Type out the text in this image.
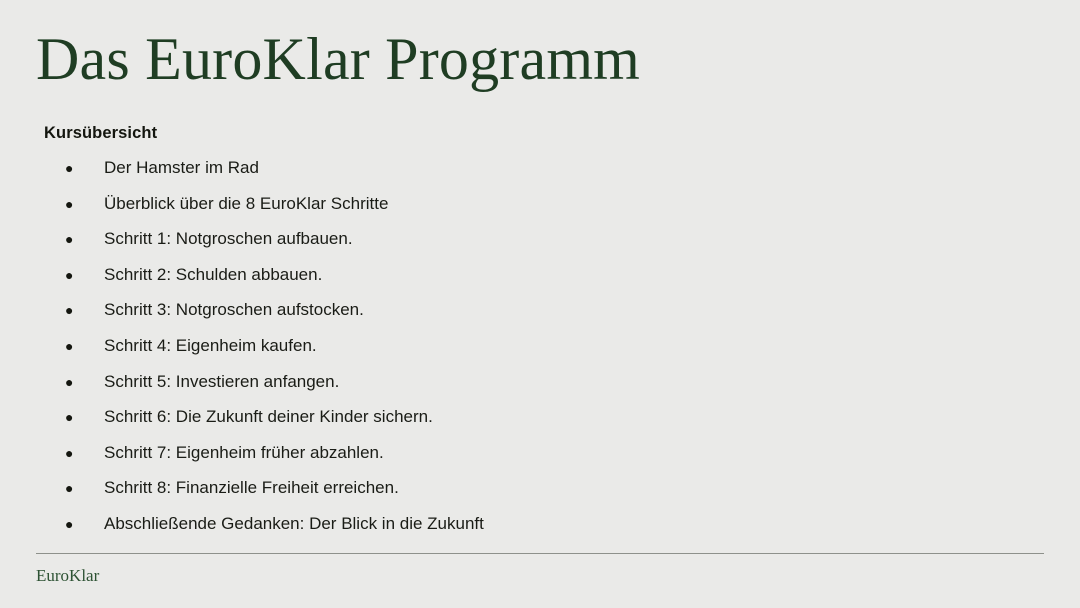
Das EuroKlar Programm
Kursübersicht
●	Der Hamster im Rad
●	Überblick über die 8 EuroKlar Schritte
●	Schritt 1: Notgroschen aufbauen.
●	Schritt 2: Schulden abbauen.
●	Schritt 3: Notgroschen aufstocken.
●	Schritt 4: Eigenheim kaufen.
●	Schritt 5: Investieren anfangen.
●	Schritt 6: Die Zukunft deiner Kinder sichern.
●	Schritt 7: Eigenheim früher abzahlen.
●	Schritt 8: Finanzielle Freiheit erreichen.
●	Abschließende Gedanken: Der Blick in die Zukunft
EuroKlar
